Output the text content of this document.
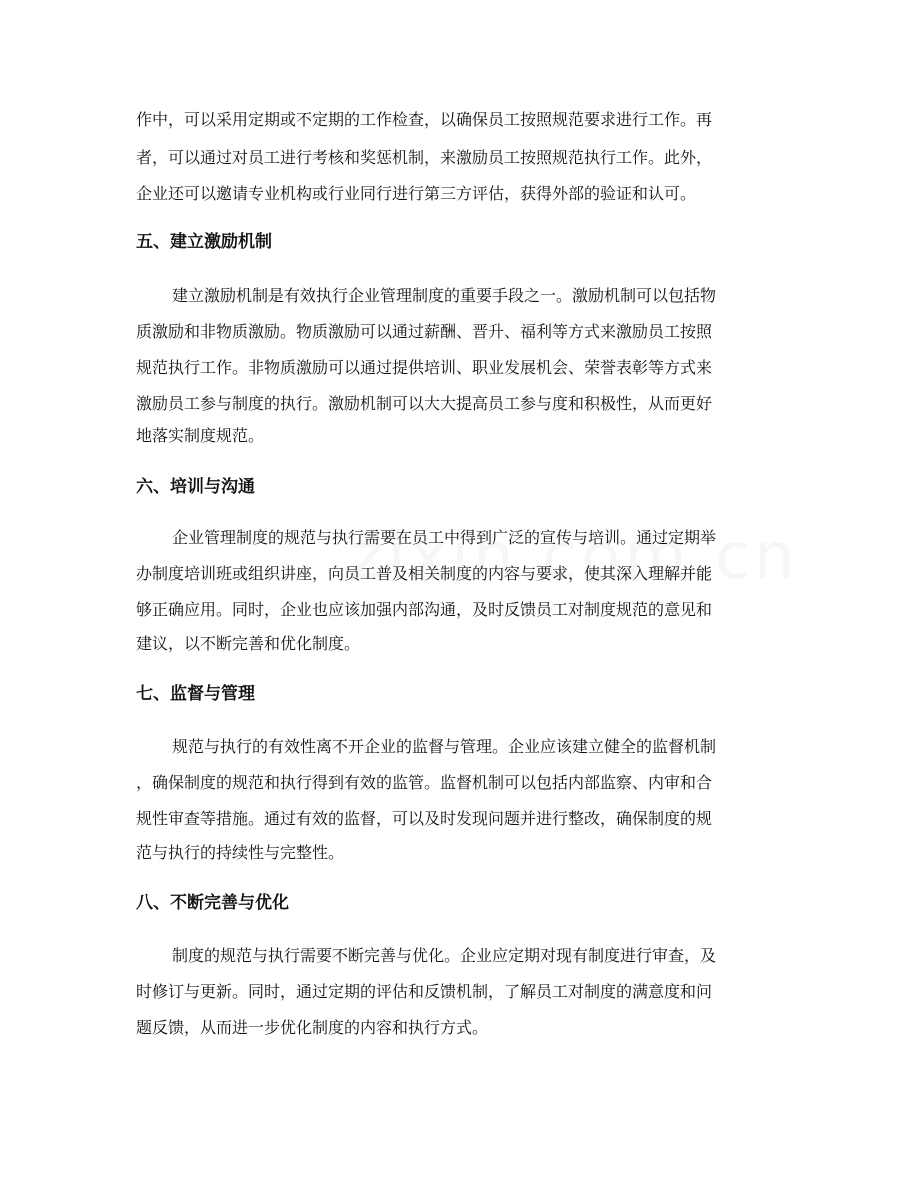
作中，可以采用定期或不定期的工作检查，以确保员工按照规范要求进行工作。再
者，可以通过对员工进行考核和奖惩机制，来激励员工按照规范执行工作。此外，
企业还可以邀请专业机构或行业同行进行第三方评估，获得外部的验证和认可。
五、建立激励机制
建立激励机制是有效执行企业管理制度的重要手段之一。激励机制可以包括物
质激励和非物质激励。物质激励可以通过薪酬、晋升、福利等方式来激励员工按照
规范执行工作。非物质激励可以通过提供培训、职业发展机会、荣誉表彰等方式来
激励员工参与制度的执行。激励机制可以大大提高员工参与度和积极性，从而更好
地落实制度规范。
六、培训与沟通
企业管理制度的规范与执行需要在员工中得到广泛的宣传与培训。通过定期举
办制度培训班或组织讲座，向员工普及相关制度的内容与要求，使其深入理解并能
够正确应用。同时，企业也应该加强内部沟通，及时反馈员工对制度规范的意见和
建议，以不断完善和优化制度。
七、监督与管理
规范与执行的有效性离不开企业的监督与管理。企业应该建立健全的监督机制
，确保制度的规范和执行得到有效的监管。监督机制可以包括内部监察、内审和合
规性审查等措施。通过有效的监督，可以及时发现问题并进行整改，确保制度的规
范与执行的持续性与完整性。
八、不断完善与优化
制度的规范与执行需要不断完善与优化。企业应定期对现有制度进行审查，及
时修订与更新。同时，通过定期的评估和反馈机制，了解员工对制度的满意度和问
题反馈，从而进一步优化制度的内容和执行方式。
